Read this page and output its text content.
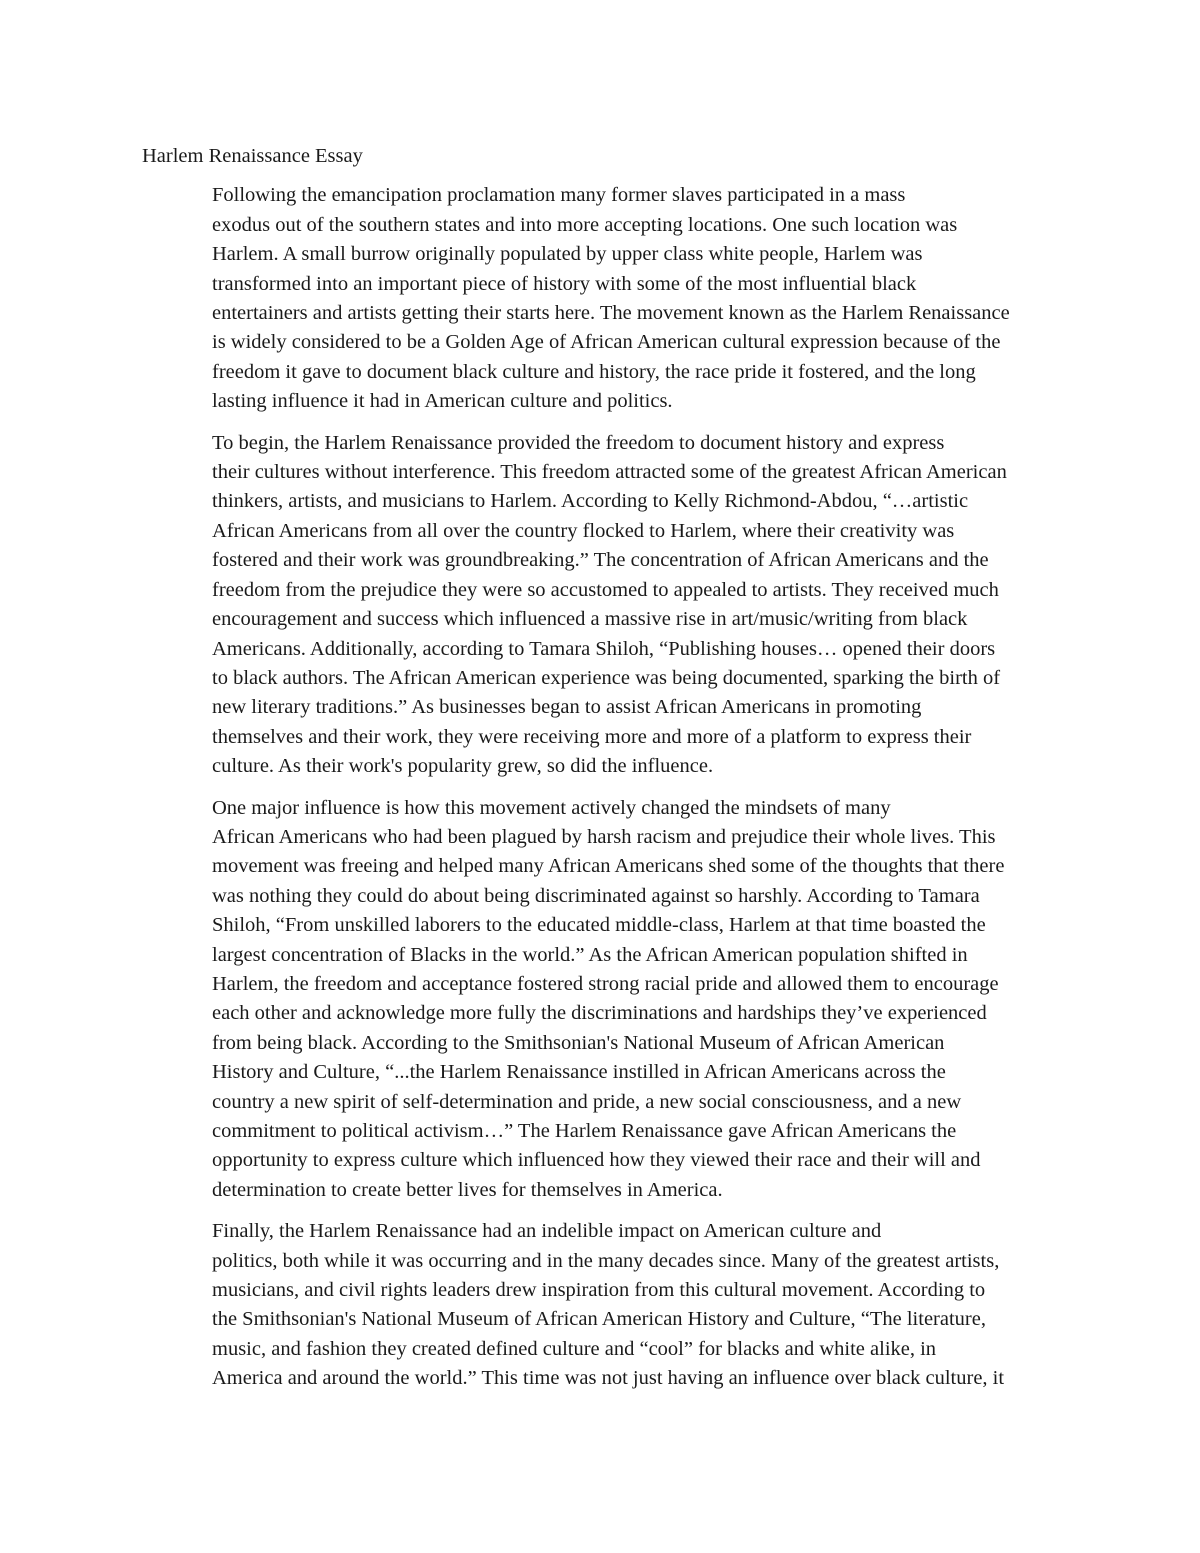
Harlem Renaissance Essay
Following the emancipation proclamation many former slaves participated in a mass
exodus out of the southern states and into more accepting locations. One such location was
Harlem. A small burrow originally populated by upper class white people, Harlem was
transformed into an important piece of history with some of the most influential black
entertainers and artists getting their starts here. The movement known as the Harlem Renaissance
is widely considered to be a Golden Age of African American cultural expression because of the
freedom it gave to document black culture and history, the race pride it fostered, and the long
lasting influence it had in American culture and politics.
To begin, the Harlem Renaissance provided the freedom to document history and express
their cultures without interference. This freedom attracted some of the greatest African American
thinkers, artists, and musicians to Harlem. According to Kelly Richmond-Abdou, “…artistic
African Americans from all over the country flocked to Harlem, where their creativity was
fostered and their work was groundbreaking.” The concentration of African Americans and the
freedom from the prejudice they were so accustomed to appealed to artists. They received much
encouragement and success which influenced a massive rise in art/music/writing from black
Americans. Additionally, according to Tamara Shiloh, “Publishing houses… opened their doors
to black authors. The African American experience was being documented, sparking the birth of
new literary traditions.” As businesses began to assist African Americans in promoting
themselves and their work, they were receiving more and more of a platform to express their
culture. As their work's popularity grew, so did the influence.
One major influence is how this movement actively changed the mindsets of many
African Americans who had been plagued by harsh racism and prejudice their whole lives. This
movement was freeing and helped many African Americans shed some of the thoughts that there
was nothing they could do about being discriminated against so harshly. According to Tamara
Shiloh, “From unskilled laborers to the educated middle-class, Harlem at that time boasted the
largest concentration of Blacks in the world.” As the African American population shifted in
Harlem, the freedom and acceptance fostered strong racial pride and allowed them to encourage
each other and acknowledge more fully the discriminations and hardships they’ve experienced
from being black. According to the Smithsonian's National Museum of African American
History and Culture, “...the Harlem Renaissance instilled in African Americans across the
country a new spirit of self-determination and pride, a new social consciousness, and a new
commitment to political activism…” The Harlem Renaissance gave African Americans the
opportunity to express culture which influenced how they viewed their race and their will and
determination to create better lives for themselves in America.
Finally, the Harlem Renaissance had an indelible impact on American culture and
politics, both while it was occurring and in the many decades since. Many of the greatest artists,
musicians, and civil rights leaders drew inspiration from this cultural movement. According to
the Smithsonian's National Museum of African American History and Culture, “The literature,
music, and fashion they created defined culture and “cool” for blacks and white alike, in
America and around the world.” This time was not just having an influence over black culture, it
